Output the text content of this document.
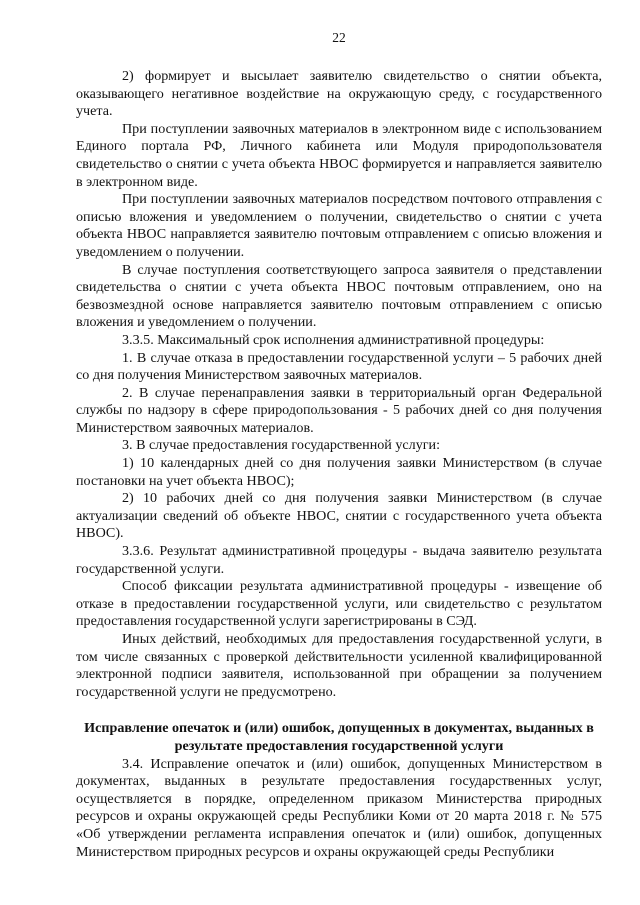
22

2) формирует и высылает заявителю свидетельство о снятии объекта, оказывающего негативное воздействие на окружающую среду, с государственного учета.

При поступлении заявочных материалов в электронном виде с использованием Единого портала РФ, Личного кабинета или Модуля природопользователя свидетельство о снятии с учета объекта НВОС формируется и направляется заявителю в электронном виде.

При поступлении заявочных материалов посредством почтового отправления с описью вложения и уведомлением о получении, свидетельство о снятии с учета объекта НВОС направляется заявителю почтовым отправлением с описью вложения и уведомлением о получении.

В случае поступления соответствующего запроса заявителя о представлении свидетельства о снятии с учета объекта НВОС почтовым отправлением, оно на безвозмездной основе направляется заявителю почтовым отправлением с описью вложения и уведомлением о получении.

3.3.5. Максимальный срок исполнения административной процедуры:

1. В случае отказа в предоставлении государственной услуги – 5 рабочих дней со дня получения Министерством заявочных материалов.

2. В случае перенаправления заявки в территориальный орган Федеральной службы по надзору в сфере природопользования - 5 рабочих дней со дня получения Министерством заявочных материалов.

3. В случае предоставления государственной услуги:

1) 10 календарных дней со дня получения заявки Министерством (в случае постановки на учет объекта НВОС);

2) 10 рабочих дней со дня получения заявки Министерством (в случае актуализации сведений об объекте НВОС, снятии с государственного учета объекта НВОС).

3.3.6. Результат административной процедуры - выдача заявителю результата государственной услуги.

Способ фиксации результата административной процедуры - извещение об отказе в предоставлении государственной услуги, или свидетельство с результатом предоставления государственной услуги зарегистрированы в СЭД.

Иных действий, необходимых для предоставления государственной услуги, в том числе связанных с проверкой действительности усиленной квалифицированной электронной подписи заявителя, использованной при обращении за получением государственной услуги не предусмотрено.

Исправление опечаток и (или) ошибок, допущенных в документах, выданных в результате предоставления государственной услуги

3.4. Исправление опечаток и (или) ошибок, допущенных Министерством в документах, выданных в результате предоставления государственных услуг, осуществляется в порядке, определенном приказом Министерства природных ресурсов и охраны окружающей среды Республики Коми от 20 марта 2018 г. № 575 «Об утверждении регламента исправления опечаток и (или) ошибок, допущенных Министерством природных ресурсов и охраны окружающей среды Республики
